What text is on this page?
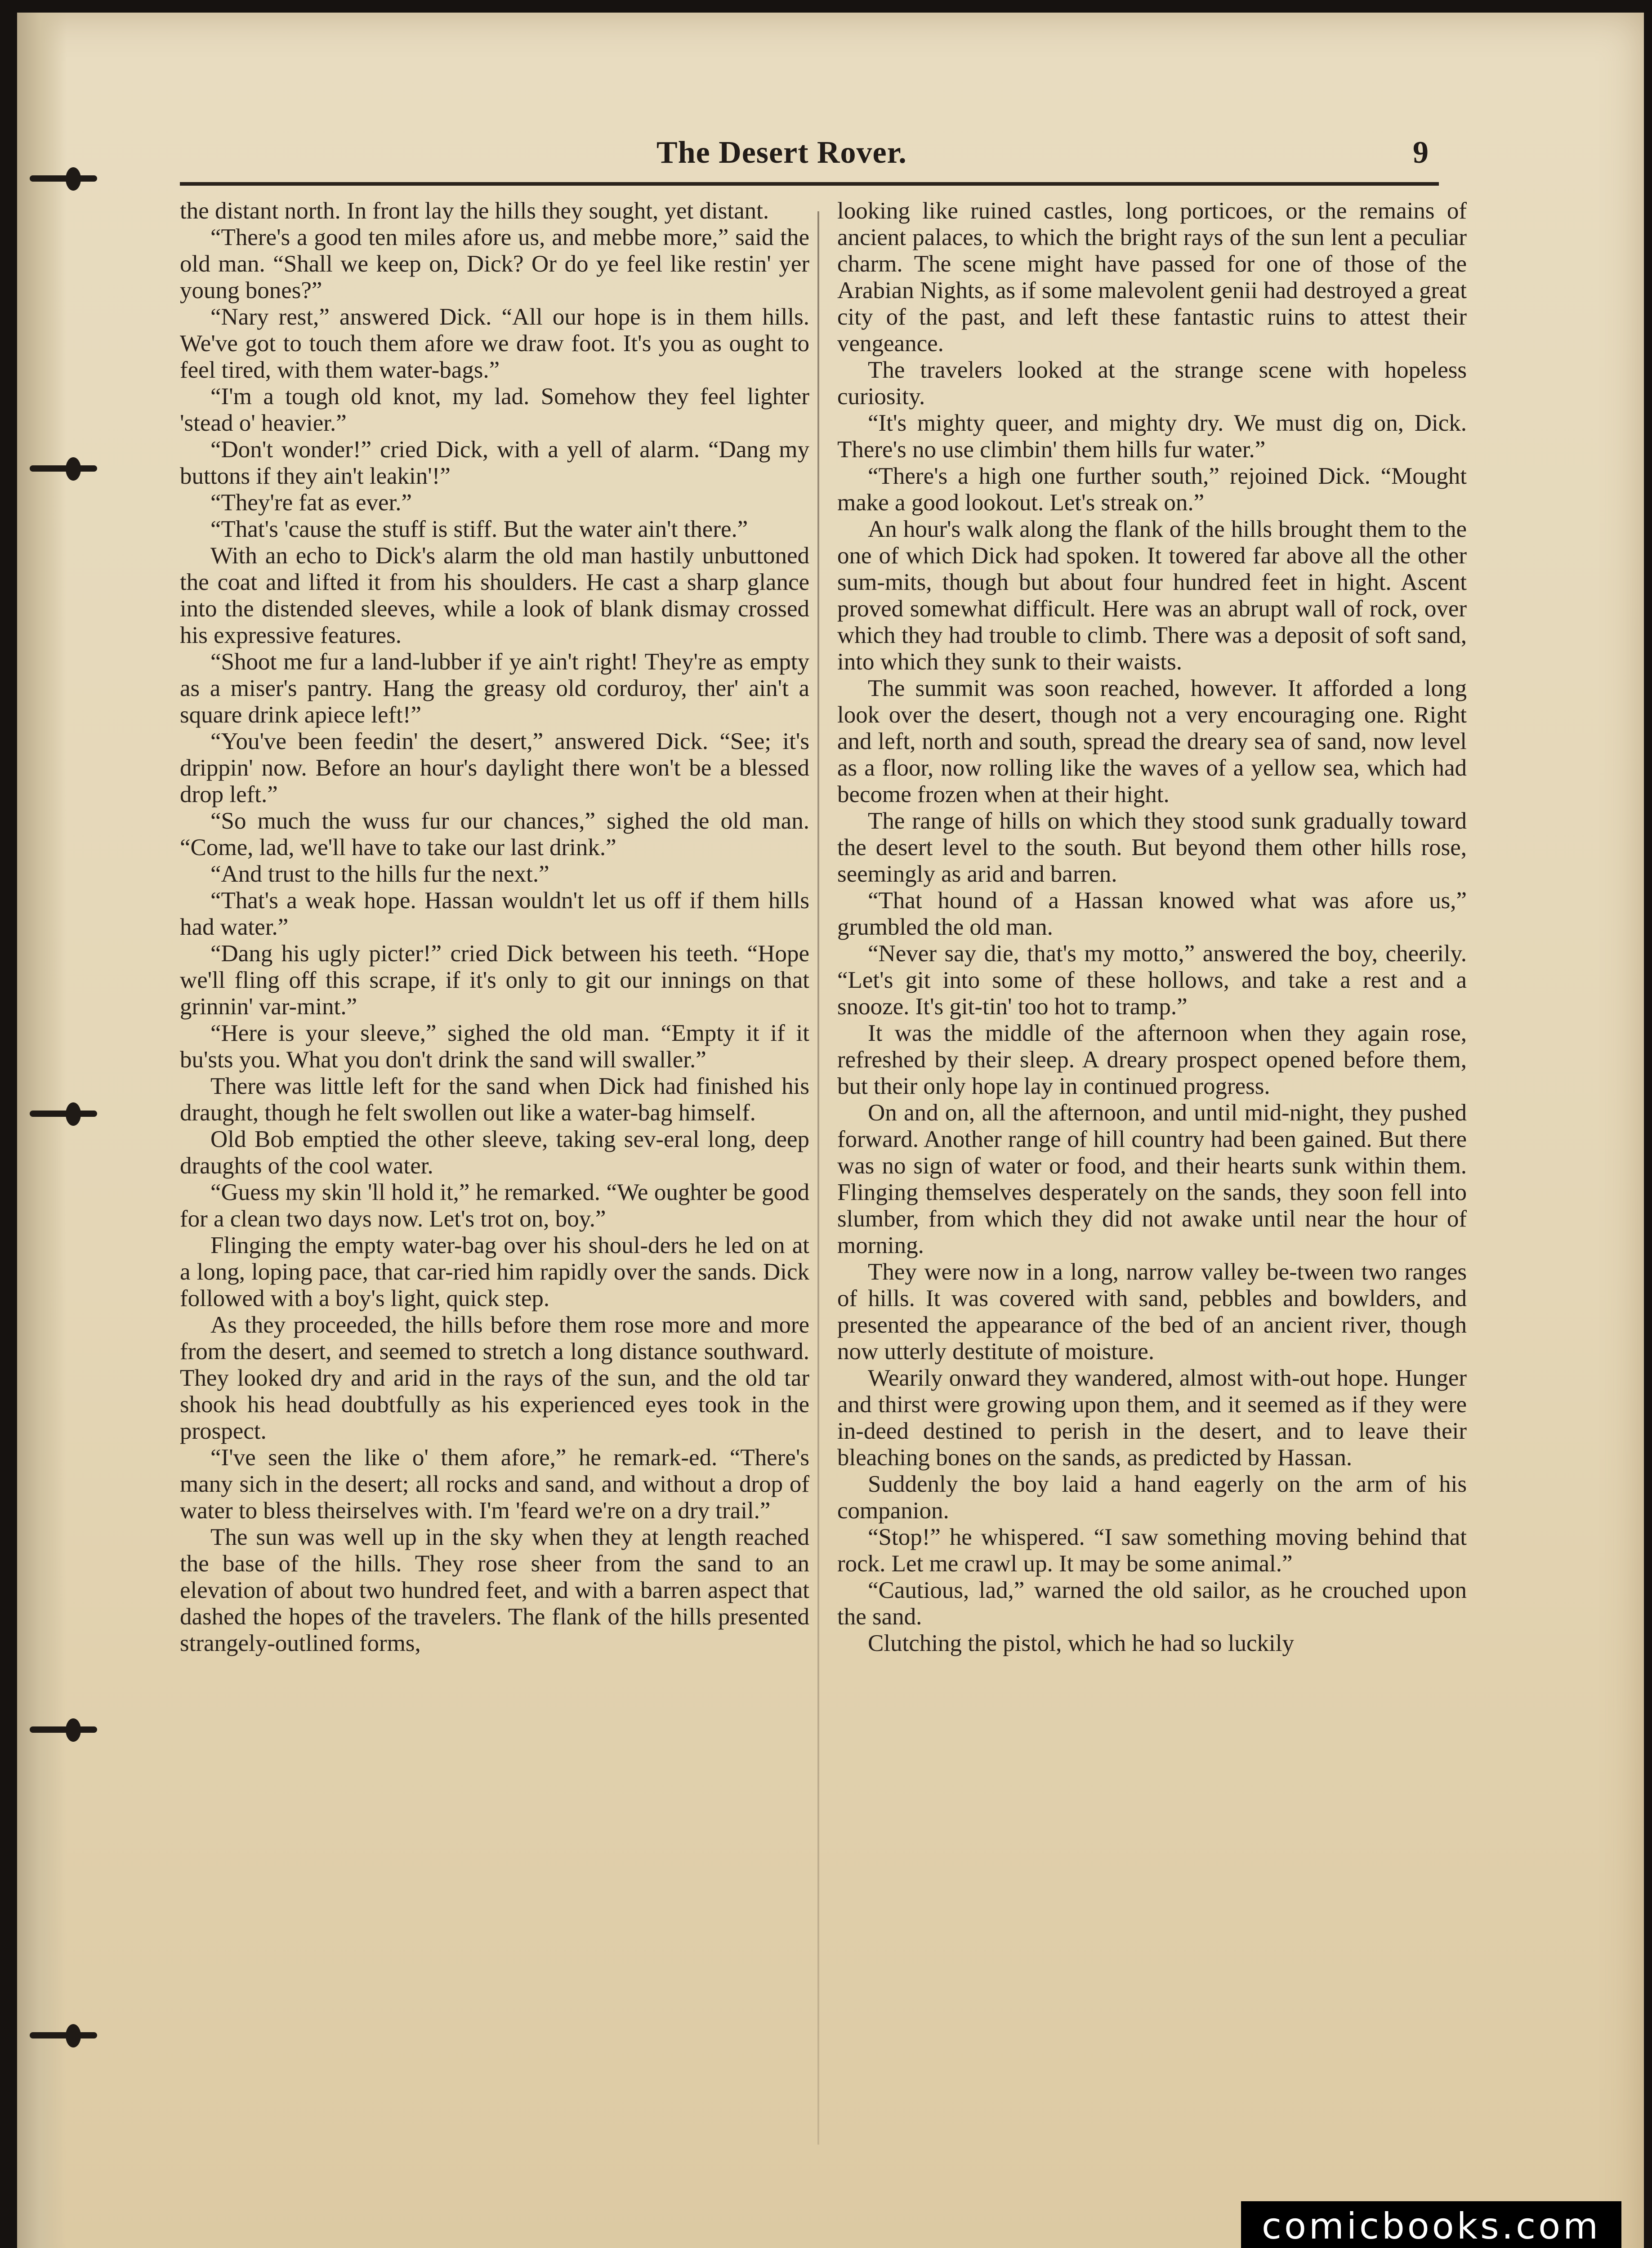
The Desert Rover.	9

the distant north. In front lay the hills they sought, yet distant.

“There's a good ten miles afore us, and mebbe more,” said the old man. “Shall we keep on, Dick? Or do ye feel like restin' yer young bones?”

“Nary rest,” answered Dick. “All our hope is in them hills. We've got to touch them afore we draw foot. It's you as ought to feel tired, with them water-bags.”

“I'm a tough old knot, my lad. Somehow they feel lighter 'stead o' heavier.”

“Don't wonder!” cried Dick, with a yell of alarm. “Dang my buttons if they ain't leakin'!”

“They're fat as ever.”

“That's 'cause the stuff is stiff. But the water ain't there.”

With an echo to Dick's alarm the old man hastily unbuttoned the coat and lifted it from his shoulders. He cast a sharp glance into the distended sleeves, while a look of blank dismay crossed his expressive features.

“Shoot me fur a land-lubber if ye ain't right! They're as empty as a miser's pantry. Hang the greasy old corduroy, ther' ain't a square drink apiece left!”

“You've been feedin' the desert,” answered Dick. “See; it's drippin' now. Before an hour's daylight there won't be a blessed drop left.”

“So much the wuss fur our chances,” sighed the old man. “Come, lad, we'll have to take our last drink.”

“And trust to the hills fur the next.”

“That's a weak hope. Hassan wouldn't let us off if them hills had water.”

“Dang his ugly picter!” cried Dick between his teeth. “Hope we'll fling off this scrape, if it's only to git our innings on that grinnin' var-mint.”

“Here is your sleeve,” sighed the old man. “Empty it if it bu'sts you. What you don't drink the sand will swaller.”

There was little left for the sand when Dick had finished his draught, though he felt swollen out like a water-bag himself.

Old Bob emptied the other sleeve, taking sev-eral long, deep draughts of the cool water.

“Guess my skin 'll hold it,” he remarked. “We oughter be good for a clean two days now. Let's trot on, boy.”

Flinging the empty water-bag over his shoul-ders he led on at a long, loping pace, that car-ried him rapidly over the sands. Dick followed with a boy's light, quick step.

As they proceeded, the hills before them rose more and more from the desert, and seemed to stretch a long distance southward. They looked dry and arid in the rays of the sun, and the old tar shook his head doubtfully as his experienced eyes took in the prospect.

“I've seen the like o' them afore,” he remark-ed. “There's many sich in the desert; all rocks and sand, and without a drop of water to bless theirselves with. I'm 'feard we're on a dry trail.”

The sun was well up in the sky when they at length reached the base of the hills. They rose sheer from the sand to an elevation of about two hundred feet, and with a barren aspect that dashed the hopes of the travelers. The flank of the hills presented strangely-outlined forms,

looking like ruined castles, long porticoes, or the remains of ancient palaces, to which the bright rays of the sun lent a peculiar charm. The scene might have passed for one of those of the Arabian Nights, as if some malevolent genii had destroyed a great city of the past, and left these fantastic ruins to attest their vengeance.

The travelers looked at the strange scene with hopeless curiosity.

“It's mighty queer, and mighty dry. We must dig on, Dick. There's no use climbin' them hills fur water.”

“There's a high one further south,” rejoined Dick. “Mought make a good lookout. Let's streak on.”

An hour's walk along the flank of the hills brought them to the one of which Dick had spoken. It towered far above all the other sum-mits, though but about four hundred feet in hight. Ascent proved somewhat difficult. Here was an abrupt wall of rock, over which they had trouble to climb. There was a deposit of soft sand, into which they sunk to their waists.

The summit was soon reached, however. It afforded a long look over the desert, though not a very encouraging one. Right and left, north and south, spread the dreary sea of sand, now level as a floor, now rolling like the waves of a yellow sea, which had become frozen when at their hight.

The range of hills on which they stood sunk gradually toward the desert level to the south. But beyond them other hills rose, seemingly as arid and barren.

“That hound of a Hassan knowed what was afore us,” grumbled the old man.

“Never say die, that's my motto,” answered the boy, cheerily. “Let's git into some of these hollows, and take a rest and a snooze. It's git-tin' too hot to tramp.”

It was the middle of the afternoon when they again rose, refreshed by their sleep. A dreary prospect opened before them, but their only hope lay in continued progress.

On and on, all the afternoon, and until mid-night, they pushed forward. Another range of hill country had been gained. But there was no sign of water or food, and their hearts sunk within them. Flinging themselves desperately on the sands, they soon fell into slumber, from which they did not awake until near the hour of morning.

They were now in a long, narrow valley be-tween two ranges of hills. It was covered with sand, pebbles and bowlders, and presented the appearance of the bed of an ancient river, though now utterly destitute of moisture.

Wearily onward they wandered, almost with-out hope. Hunger and thirst were growing upon them, and it seemed as if they were in-deed destined to perish in the desert, and to leave their bleaching bones on the sands, as predicted by Hassan.

Suddenly the boy laid a hand eagerly on the arm of his companion.

“Stop!” he whispered. “I saw something moving behind that rock. Let me crawl up. It may be some animal.”

“Cautious, lad,” warned the old sailor, as he crouched upon the sand.

Clutching the pistol, which he had so luckily

comicbooks.com
